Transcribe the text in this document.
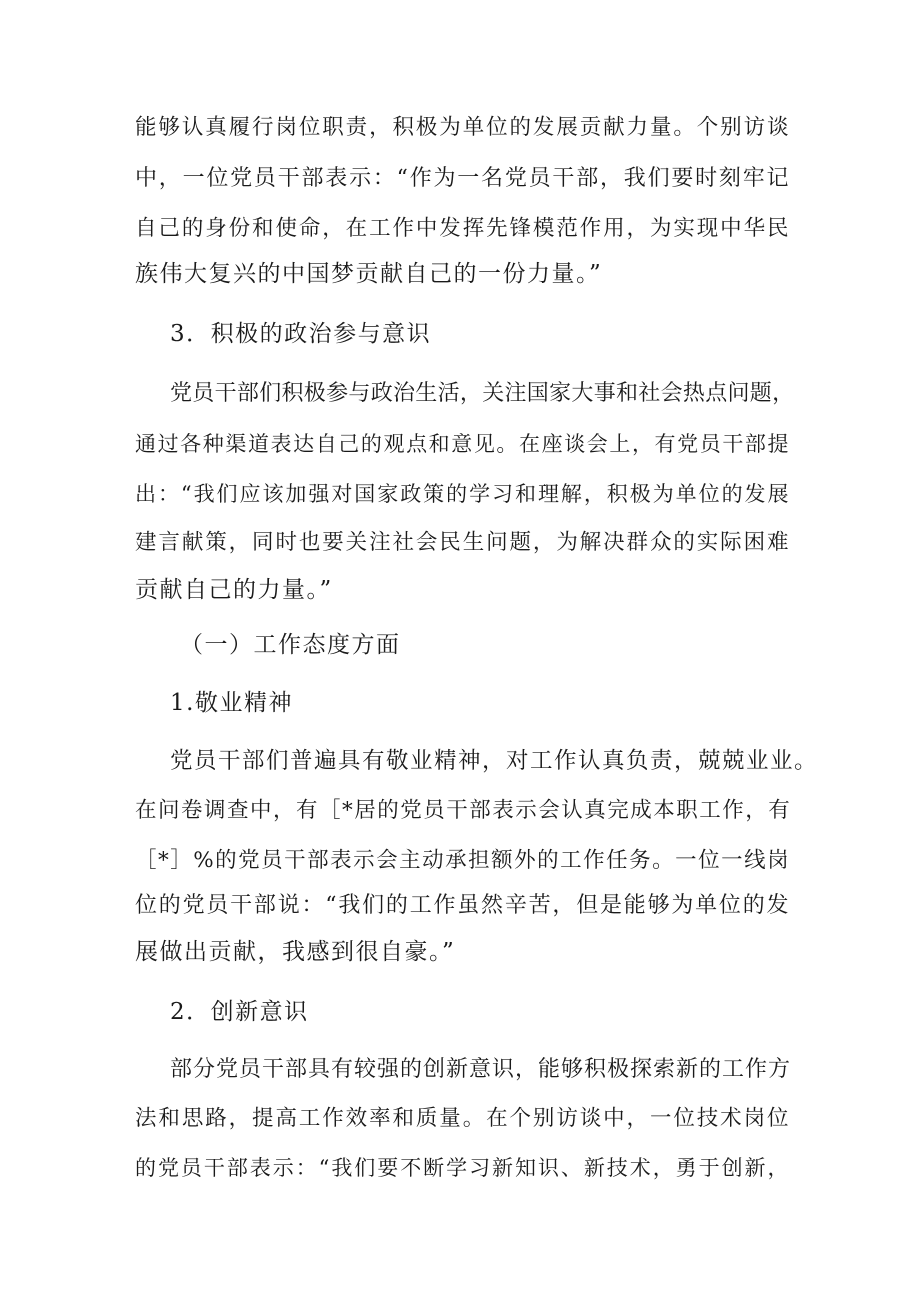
能够认真履行岗位职责，积极为单位的发展贡献力量。个别访谈
中，一位党员干部表示：“作为一名党员干部，我们要时刻牢记
自己的身份和使命，在工作中发挥先锋模范作用，为实现中华民
族伟大复兴的中国梦贡献自己的一份力量。”
3．积极的政治参与意识
党员干部们积极参与政治生活，关注国家大事和社会热点问题，
通过各种渠道表达自己的观点和意见。在座谈会上，有党员干部提
出：“我们应该加强对国家政策的学习和理解，积极为单位的发展
建言献策，同时也要关注社会民生问题，为解决群众的实际困难
贡献自己的力量。”
（一）工作态度方面
1.敬业精神
党员干部们普遍具有敬业精神，对工作认真负责，兢兢业业。
在问卷调查中，有［*居的党员干部表示会认真完成本职工作，有
［*］%的党员干部表示会主动承担额外的工作任务。一位一线岗
位的党员干部说：“我们的工作虽然辛苦，但是能够为单位的发
展做出贡献，我感到很自豪。”
2．创新意识
部分党员干部具有较强的创新意识，能够积极探索新的工作方
法和思路，提高工作效率和质量。在个别访谈中，一位技术岗位
的党员干部表示：“我们要不断学习新知识、新技术，勇于创新，
